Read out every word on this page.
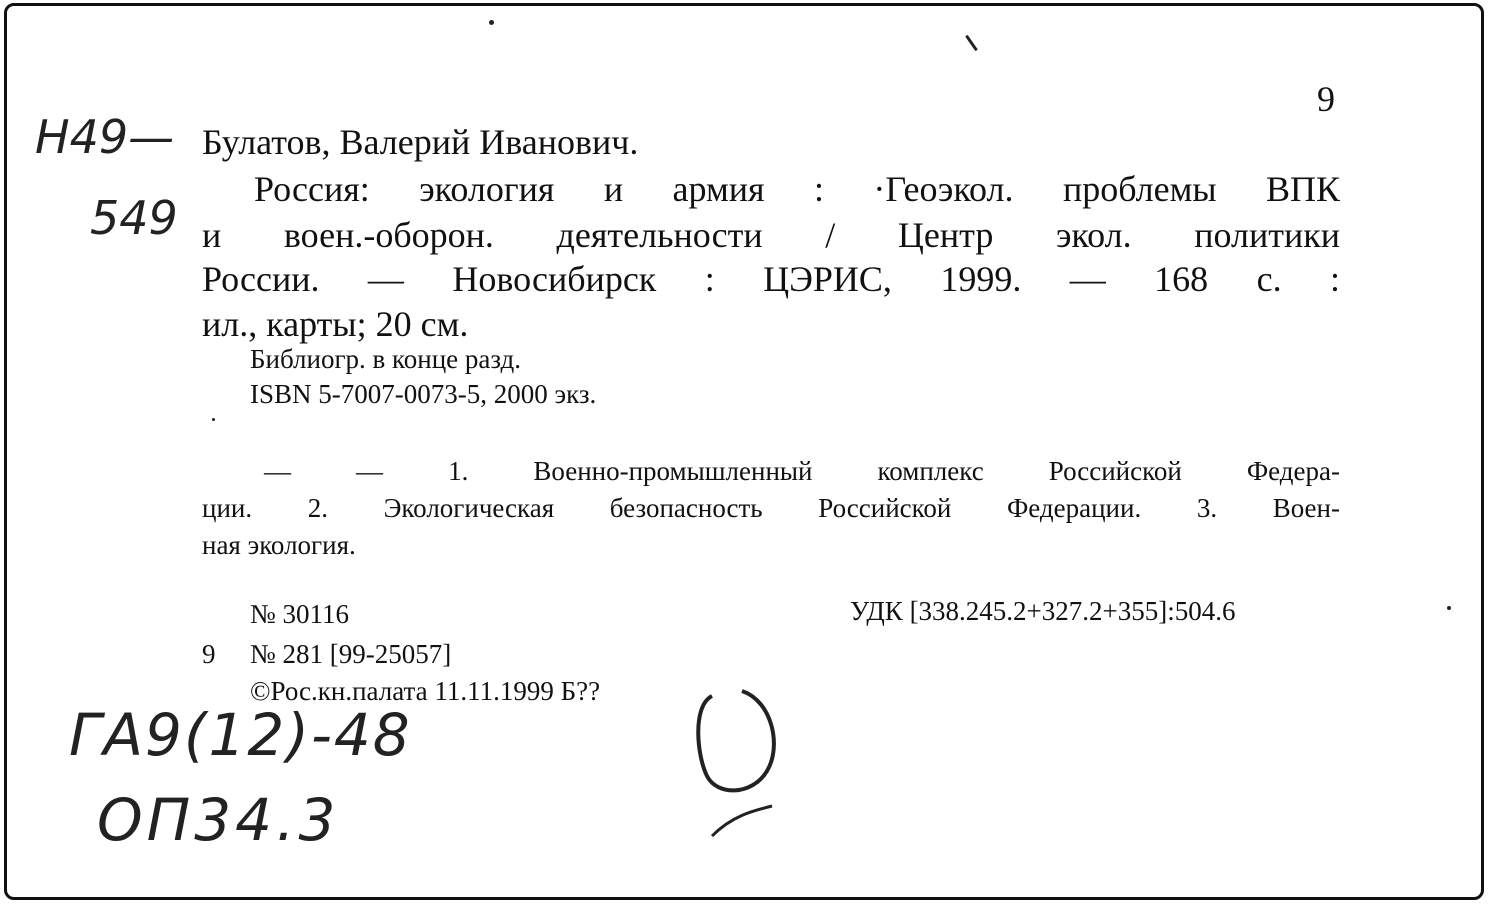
9
Н49—
549
Булатов, Валерий Иванович.
Россия: экология и армия : ·Геоэкол. проблемы ВПК
и воен.-оборон. деятельности / Центр экол. политики
России. — Новосибирск : ЦЭРИС, 1999. — 168 с. :
ил., карты; 20 см.
Библиогр. в конце разд.
ISBN 5-7007-0073-5, 2000 экз.
— — 1. Военно-промышленный комплекс Российской Федера-
ции. 2. Экологическая безопасность Российской Федерации. 3. Воен-
ная экология.
№ 30116	УДК [338.245.2+327.2+355]:504.6
9 № 281 [99-25057]
©Рос.кн.палата 11.11.1999 Б??
ГА9(12)-48
ОП34.3
